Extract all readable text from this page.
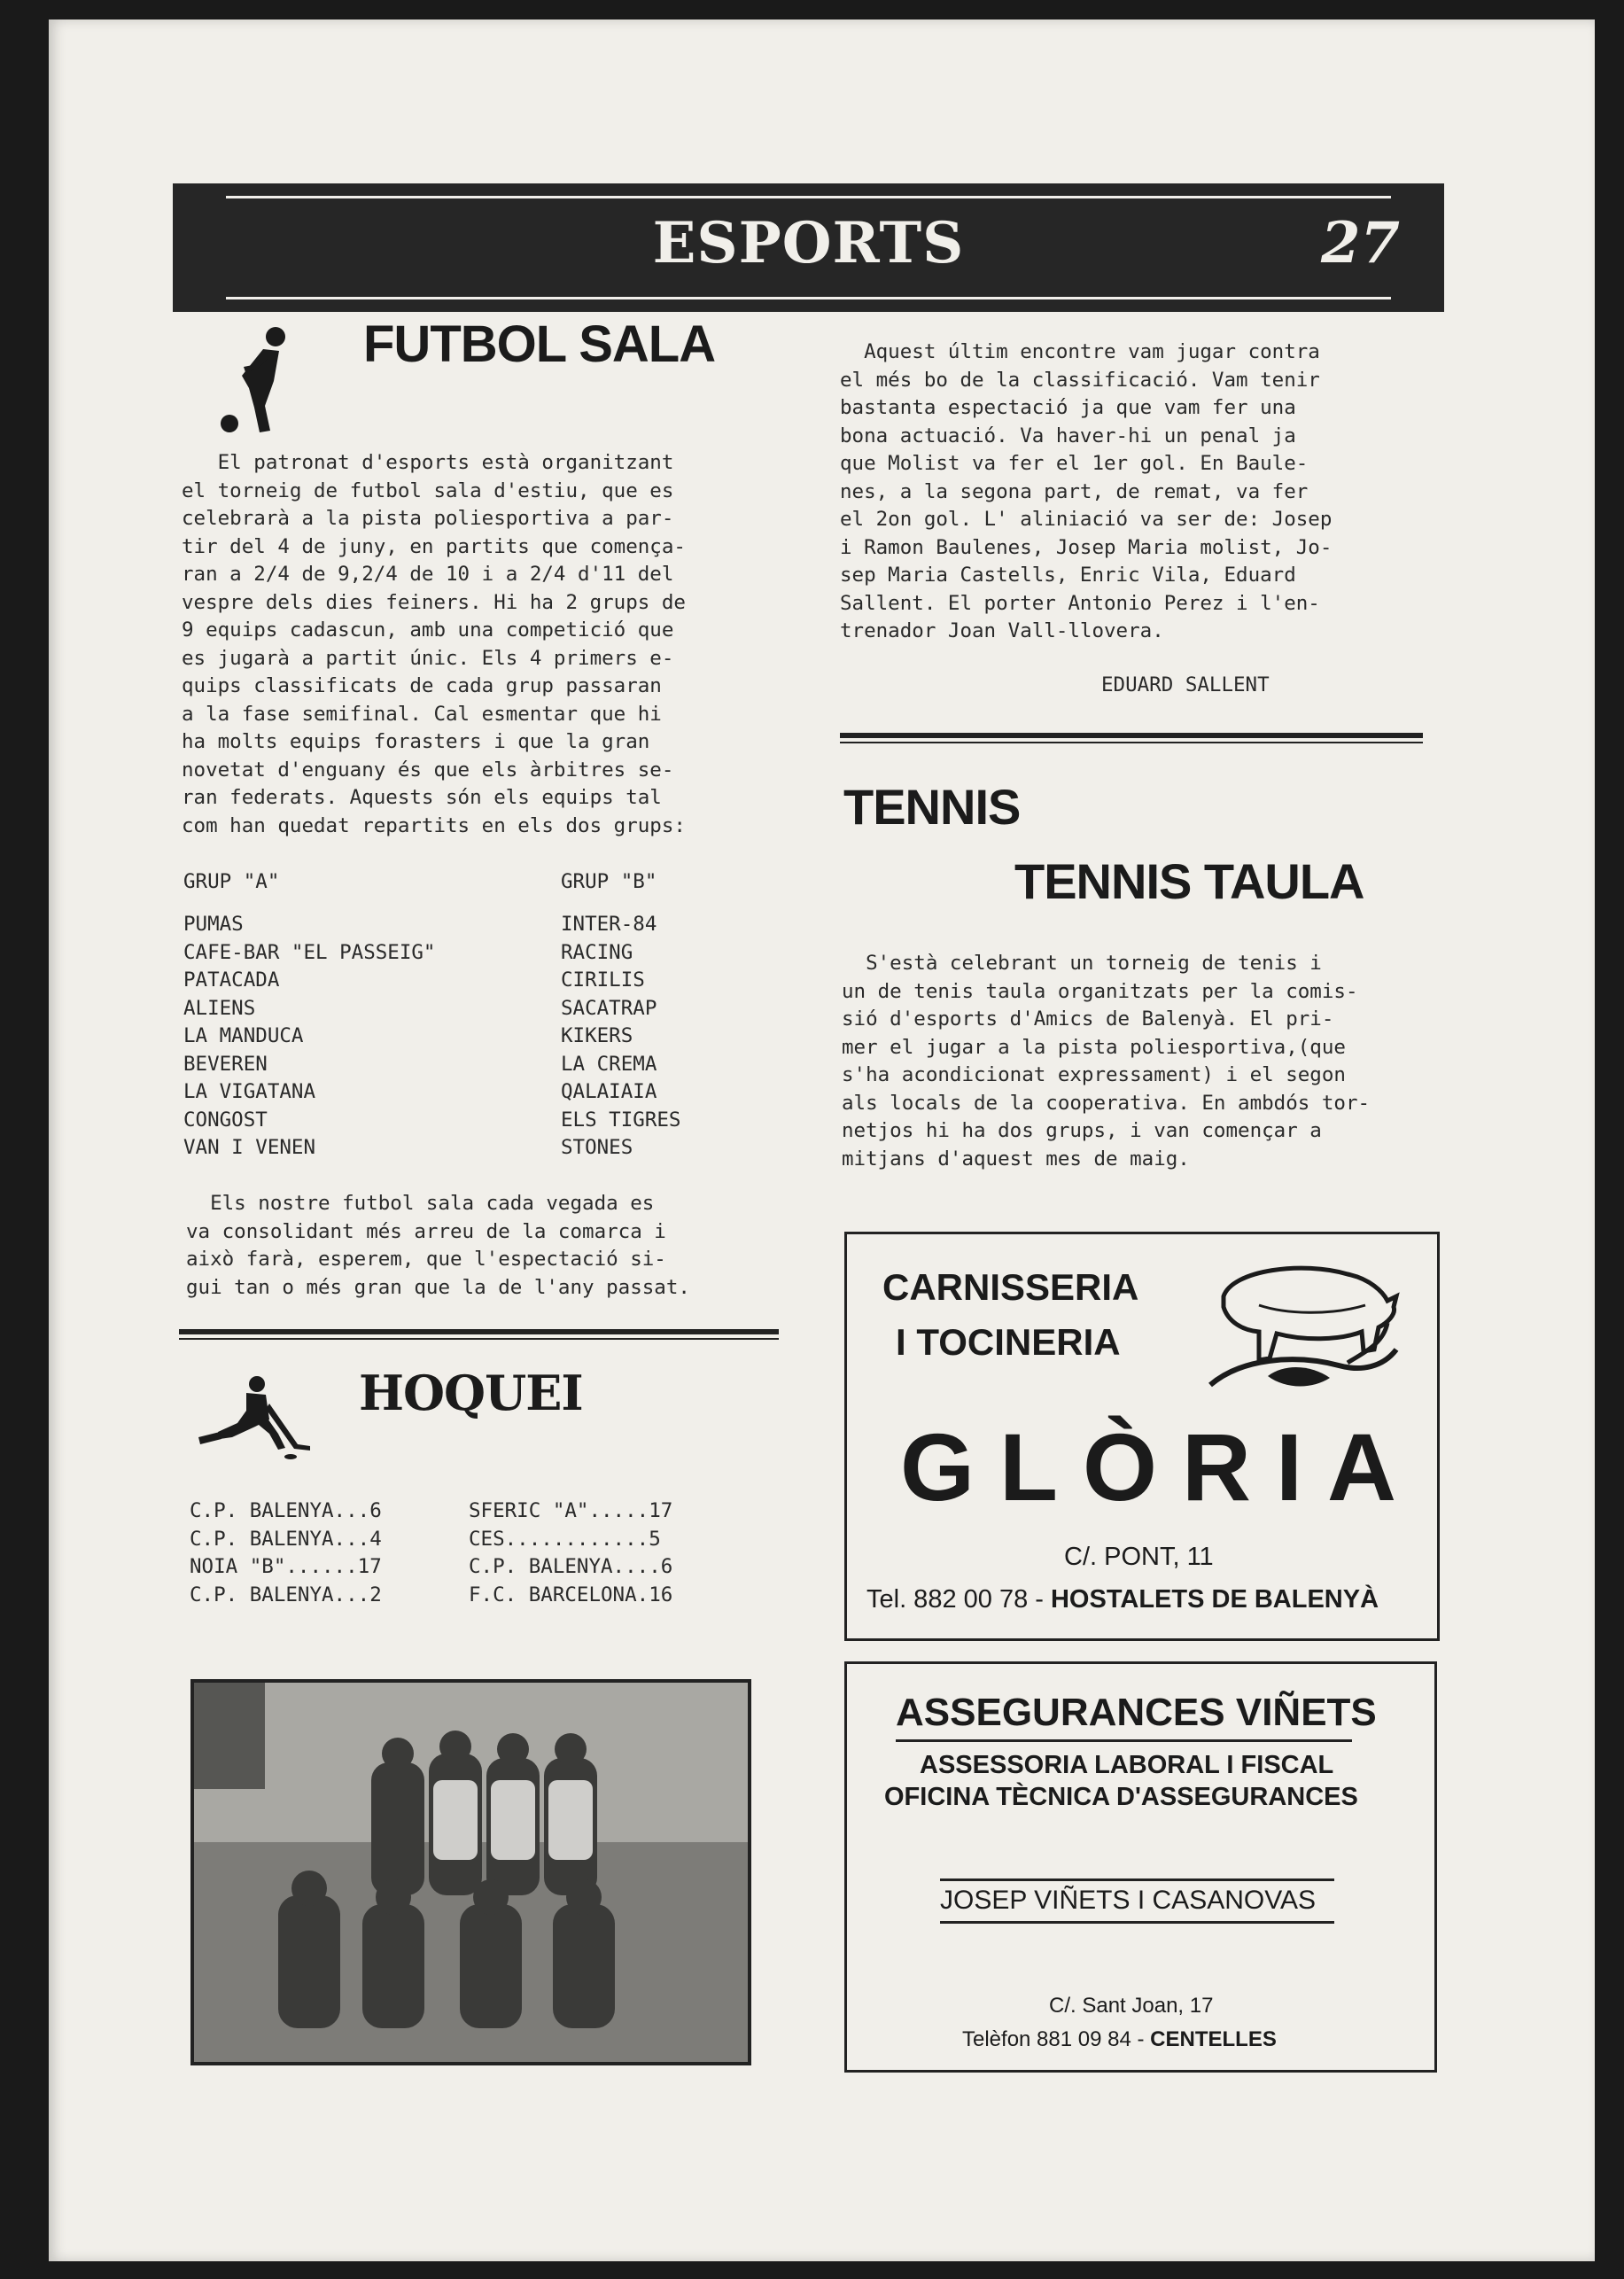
ESPORTS	27
FUTBOL SALA
El patronat d'esports està organitzant
el torneig de futbol sala d'estiu, que es
celebrarà a la pista poliesportiva a par-
tir del 4 de juny, en partits que comença-
ran a 2/4 de 9,2/4 de 10 i a 2/4 d'11 del
vespre dels dies feiners. Hi ha 2 grups de
9 equips cadascun, amb una competició que
es jugarà a partit únic. Els 4 primers e-
quips classificats de cada grup passaran
a la fase semifinal. Cal esmentar que hi
ha molts equips forasters i que la gran
novetat d'enguany és que els àrbitres se-
ran federats. Aquests són els equips tal
com han quedat repartits en els dos grups:
GRUP "A"	GRUP "B"
PUMAS
CAFE-BAR "EL PASSEIG"
PATACADA
ALIENS
LA MANDUCA
BEVEREN
LA VIGATANA
CONGOST
VAN I VENEN
INTER-84
RACING
CIRILIS
SACATRAP
KIKERS
LA CREMA
QALAIAIA
ELS TIGRES
STONES
Els nostre futbol sala cada vegada es
va consolidant més arreu de la comarca i
això farà, esperem, que l'espectació si-
gui tan o més gran que la de l'any passat.
HOQUEI
C.P. BALENYA...6
C.P. BALENYA...4
NOIA "B"......17
C.P. BALENYA...2
SFERIC "A".....17
CES............5
C.P. BALENYA....6
F.C. BARCELONA.16
Aquest últim encontre vam jugar contra
el més bo de la classificació. Vam tenir
bastanta espectació ja que vam fer una
bona actuació. Va haver-hi un penal ja
que Molist va fer el 1er gol. En Baule-
nes, a la segona part, de remat, va fer
el 2on gol. L' aliniació va ser de: Josep
i Ramon Baulenes, Josep Maria molist, Jo-
sep Maria Castells, Enric Vila, Eduard
Sallent. El porter Antonio Perez i l'en-
trenador Joan Vall-llovera.
EDUARD SALLENT
TENNIS
TENNIS TAULA
S'està celebrant un torneig de tenis i
un de tenis taula organitzats per la comis-
sió d'esports d'Amics de Balenyà. El pri-
mer el jugar a la pista poliesportiva,(que
s'ha acondicionat expressament) i el segon
als locals de la cooperativa. En ambdós tor-
netjos hi ha dos grups, i van començar a
mitjans d'aquest mes de maig.
CARNISSERIA
I TOCINERIA
GLÒRIA
C/. PONT, 11
Tel. 882 00 78 - HOSTALETS DE BALENYÀ
ASSEGURANCES VIÑETS
ASSESSORIA LABORAL I FISCAL
OFICINA TÈCNICA D'ASSEGURANCES
JOSEP VIÑETS I CASANOVAS
C/. Sant Joan, 17
Telèfon 881 09 84 - CENTELLES
